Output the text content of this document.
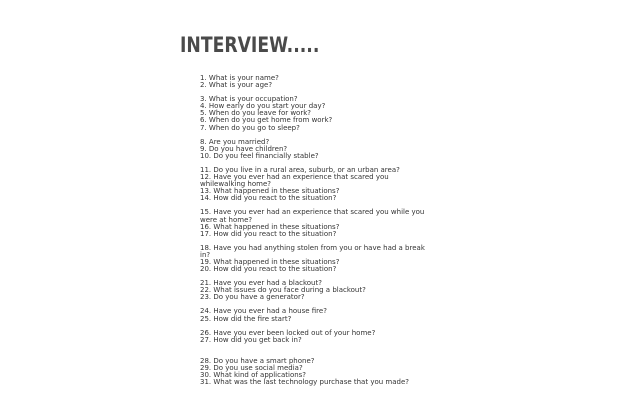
INTERVIEW.....
1. What is your name?
2. What is your age?
3. What is your occupation?
4. How early do you start your day?
5. When do you leave for work?
6. When do you get home from work?
7. When do you go to sleep?
8. Are you married?
9. Do you have children?
10. Do you feel financially stable?
11. Do you live in a rural area, suburb, or an urban area?
12. Have you ever had an experience that scared you whilewalking home?
13. What happened in these situations?
14. How did you react to the situation?
15. Have you ever had an experience that scared you while you were at home?
16. What happened in these situations?
17. How did you react to the situation?
18. Have you had anything stolen from you or have had a break in?
19. What happened in these situations?
20. How did you react to the situation?
21. Have you ever had a blackout?
22. What issues do you face during a blackout?
23. Do you have a generator?
24. Have you ever had a house fire?
25. How did the fire start?
26. Have you ever been locked out of your home?
27. How did you get back in?
28. Do you have a smart phone?
29. Do you use social media?
30. What kind of applications?
31. What was the last technology purchase that you made?
